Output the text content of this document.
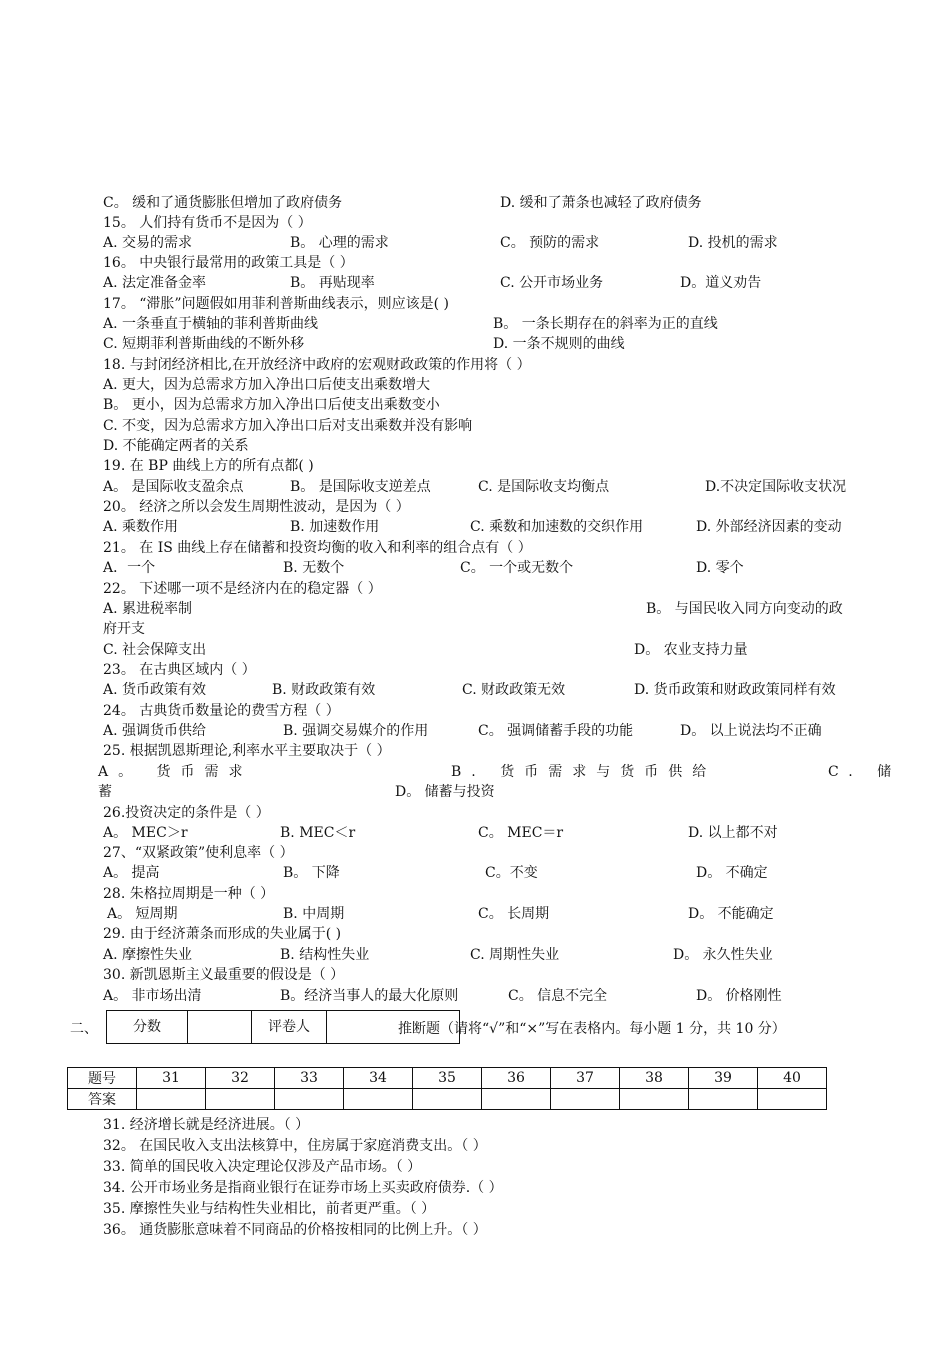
C。 缓和了通货膨胀但增加了政府债务	D. 缓和了萧条也减轻了政府债务
15。 人们持有货币不是因为（ ）
A. 交易的需求	B。 心理的需求	C。 预防的需求	D. 投机的需求
16。 中央银行最常用的政策工具是（ ）
A. 法定准备金率	B。 再贴现率	C. 公开市场业务	D。道义劝告
17。 “滞胀”问题假如用菲利普斯曲线表示，则应该是( )
A. 一条垂直于横轴的菲利普斯曲线	B。 一条长期存在的斜率为正的直线
C. 短期菲利普斯曲线的不断外移	D. 一条不规则的曲线
18. 与封闭经济相比,在开放经济中政府的宏观财政政策的作用将（ ）
A. 更大，因为总需求方加入净出口后使支出乘数增大
B。 更小，因为总需求方加入净出口后使支出乘数变小
C. 不变，因为总需求方加入净出口后对支出乘数并没有影响
D. 不能确定两者的关系
19. 在 BP 曲线上方的所有点都( )
A。 是国际收支盈余点	B。 是国际收支逆差点	C. 是国际收支均衡点	D.不决定国际收支状况
20。 经济之所以会发生周期性波动，是因为（ ）
A. 乘数作用	B. 加速数作用	C. 乘数和加速数的交织作用	D. 外部经济因素的变动
21。 在 IS 曲线上存在储蓄和投资均衡的收入和利率的组合点有（ ）
A．一个	B. 无数个	C。 一个或无数个	D. 零个
22。 下述哪一项不是经济内在的稳定器（ ）
A. 累进税率制	B。 与国民收入同方向变动的政
府开支
C. 社会保障支出	D。 农业支持力量
23。 在古典区域内（ ）
A. 货币政策有效	B. 财政政策有效	C. 财政政策无效	D. 货币政策和财政政策同样有效
24。 古典货币数量论的费雪方程（ ）
A. 强调货币供给	B. 强调交易媒介的作用	C。 强调储蓄手段的功能	D。 以上说法均不正确
25. 根据凯恩斯理论,利率水平主要取决于（ ）
A。 货币需求	B. 货币需求与货币供给	C. 储
蓄	D。 储蓄与投资
26.投资决定的条件是（ ）
A。 MEC＞r	B. MEC＜r	C。 MEC＝r	D. 以上都不对
27、“双紧政策”使利息率（ ）
A。 提高	B。 下降	C。不变	D。 不确定
28. 朱格拉周期是一种（ ）
A。 短周期	B. 中周期	C。 长周期	D。 不能确定
29. 由于经济萧条而形成的失业属于( )
A. 摩擦性失业	B. 结构性失业	C. 周期性失业	D。 永久性失业
30. 新凯恩斯主义最重要的假设是（ ）
A。 非市场出清	B。经济当事人的最大化原则	C。 信息不完全	D。 价格刚性
二、	分数	评卷人	推断题（请将“√”和“×”写在表格内。每小题 1 分，共 10 分）
题号	31	32	33	34	35	36	37	38	39	40
答案										
31. 经济增长就是经济进展。（ ）
32。 在国民收入支出法核算中，住房属于家庭消费支出。（ ）
33. 简单的国民收入决定理论仅涉及产品市场。（ ）
34. 公开市场业务是指商业银行在证券市场上买卖政府债券.（ ）
35. 摩擦性失业与结构性失业相比，前者更严重。（ ）
36。 通货膨胀意味着不同商品的价格按相同的比例上升。（ ）
